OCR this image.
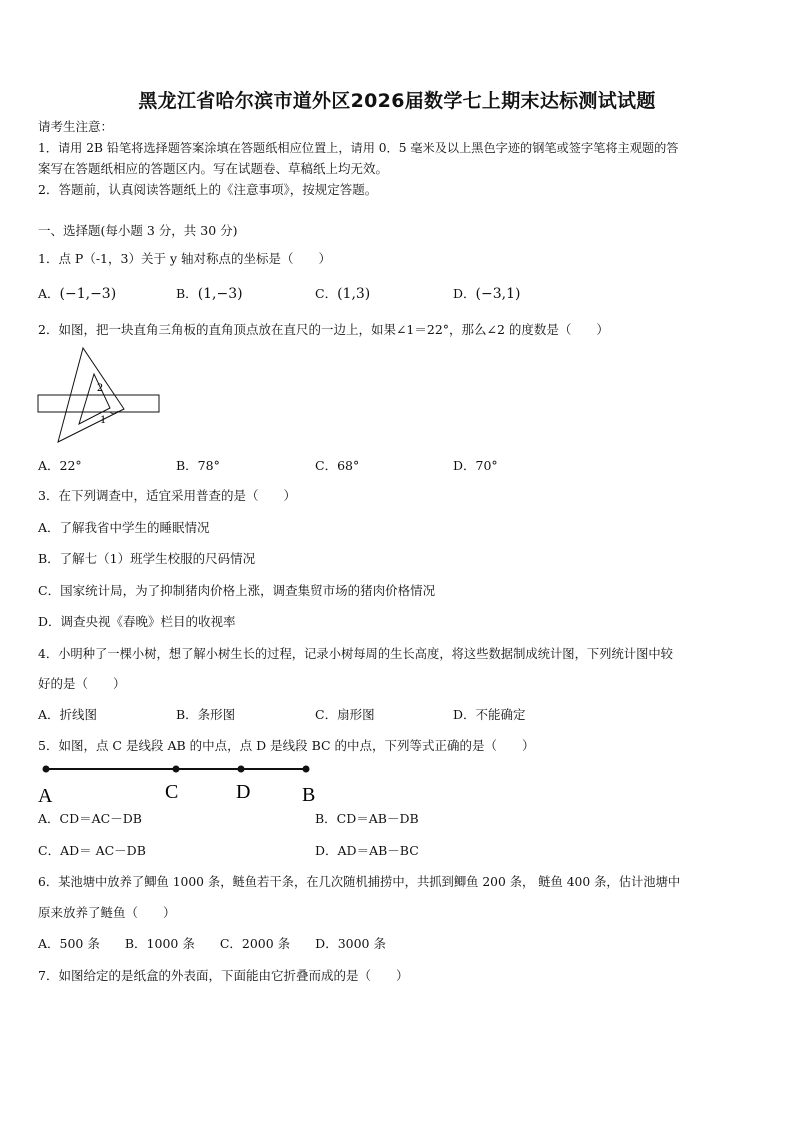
黑龙江省哈尔滨市道外区2026届数学七上期末达标测试试题
请考生注意：
1．请用 2B 铅笔将选择题答案涂填在答题纸相应位置上，请用 0．5 毫米及以上黑色字迹的钢笔或签字笔将主观题的答
案写在答题纸相应的答题区内。写在试题卷、草稿纸上均无效。
2．答题前，认真阅读答题纸上的《注意事项》，按规定答题。
一、选择题(每小题 3 分，共 30 分)
1．点 P（-1，3）关于 y 轴对称点的坐标是（　　）
A．(−1,−3)	B．(1,−3)	C．(1,3)	D．(−3,1)
2．如图，把一块直角三角板的直角顶点放在直尺的一边上，如果∠1＝22°，那么∠2 的度数是（　　）
2
1
A．22°	B．78°	C．68°	D．70°
3．在下列调查中，适宜采用普查的是（　　）
A．了解我省中学生的睡眠情况
B．了解七（1）班学生校服的尺码情况
C．国家统计局，为了抑制猪肉价格上涨，调查集贸市场的猪肉价格情况
D．调查央视《春晚》栏目的收视率
4．小明种了一棵小树，想了解小树生长的过程，记录小树每周的生长高度，将这些数据制成统计图，下列统计图中较
好的是（　　）
A．折线图	B．条形图	C．扇形图	D．不能确定
5．如图，点 C 是线段 AB 的中点，点 D 是线段 BC 的中点，下列等式正确的是（　　）
A	C	D	B
A．CD＝AC－DB	B．CD＝AB－DB
C．AD＝ AC－DB	D．AD＝AB－BC
6．某池塘中放养了鲫鱼 1000 条，鲢鱼若干条，在几次随机捕捞中，共抓到鲫鱼 200 条， 鲢鱼 400 条，估计池塘中
原来放养了鲢鱼（　　）
A．500 条　　B．1000 条　　C．2000 条　　D．3000 条
7．如图给定的是纸盒的外表面，下面能由它折叠而成的是（　　）
